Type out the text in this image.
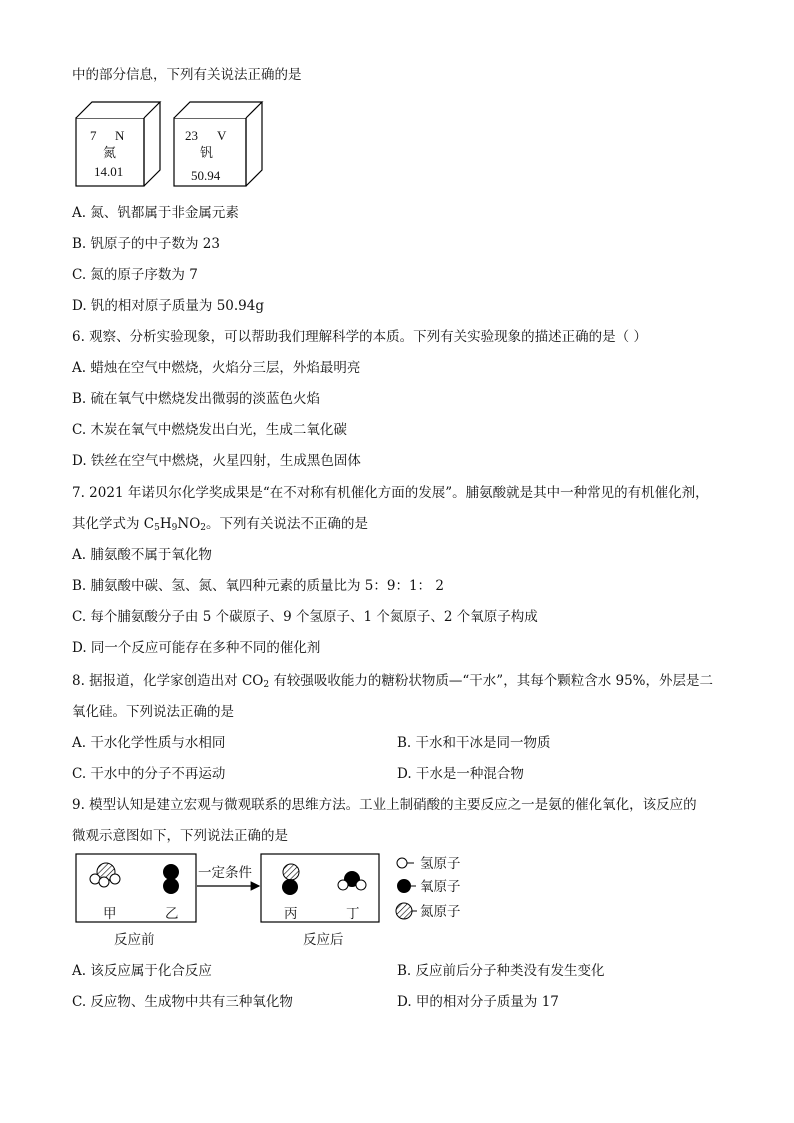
中的部分信息，下列有关说法正确的是
7 N
氮
14.01
23 V
钒
50.94
A. 氮、钒都属于非金属元素
B. 钒原子的中子数为 23
C. 氮的原子序数为 7
D. 钒的相对原子质量为 50.94g
6. 观察、分析实验现象，可以帮助我们理解科学的本质。下列有关实验现象的描述正确的是（ ）
A. 蜡烛在空气中燃烧，火焰分三层，外焰最明亮
B. 硫在氧气中燃烧发出微弱的淡蓝色火焰
C. 木炭在氧气中燃烧发出白光，生成二氧化碳
D. 铁丝在空气中燃烧，火星四射，生成黑色固体
7. 2021 年诺贝尔化学奖成果是“在不对称有机催化方面的发展”。脯氨酸就是其中一种常见的有机催化剂，
其化学式为 $C_5H_9NO_2$。下列有关说法不正确的是
A. 脯氨酸不属于氧化物
B. 脯氨酸中碳、氢、氮、氧四种元素的质量比为 5：9：1： 2
C. 每个脯氨酸分子由 5 个碳原子、9 个氢原子、1 个氮原子、2 个氧原子构成
D. 同一个反应可能存在多种不同的催化剂
8. 据报道，化学家创造出对 $CO_2$ 有较强吸收能力的糖粉状物质—“干水”，其每个颗粒含水 95%，外层是二
氧化硅。下列说法正确的是
A. 干水化学性质与水相同	B. 干水和干冰是同一物质
C. 干水中的分子不再运动	D. 干水是一种混合物
9. 模型认知是建立宏观与微观联系的思维方法。工业上制硝酸的主要反应之一是氨的催化氧化，该反应的
微观示意图如下，下列说法正确的是
一定条件
甲	乙	丙	丁
氢原子
氧原子
氮原子
反应前	反应后
A. 该反应属于化合反应	B. 反应前后分子种类没有发生变化
C. 反应物、生成物中共有三种氧化物	D. 甲的相对分子质量为 17
